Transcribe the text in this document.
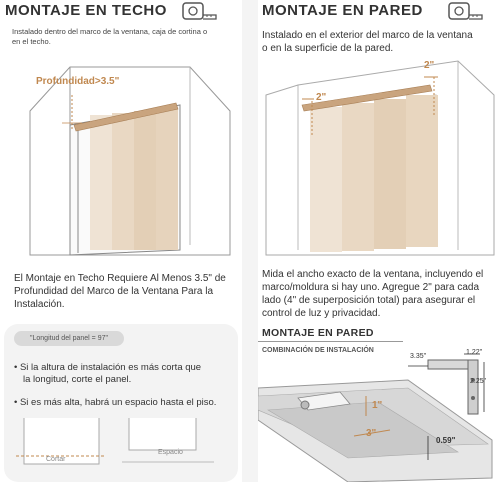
MONTAJE EN TECHO
Instalado dentro del marco de la ventana, caja de cortina o
en el techo.
Profundidad>3.5"
El Montaje en Techo Requiere Al Menos 3.5" de
Profundidad del Marco de la Ventana Para la
Instalación.
"Longitud del panel = 97"
• Si la altura de instalación es más corta que
la longitud, corte el panel.
• Si es más alta, habrá un espacio hasta el piso.
Cortar
Espacio
MONTAJE EN PARED
Instalado en el exterior del marco de la ventana
o en la superficie de la pared.
2"
2"
Mida el ancho exacto de la ventana, incluyendo el
marco/moldura si hay uno. Agregue 2" para cada
lado (4" de superposición total) para asegurar el
control de luz y privacidad.
MONTAJE EN PARED
COMBINACIÓN DE INSTALACIÓN
3.35"
1.22"
2.25"
1"
3"
0.59"
